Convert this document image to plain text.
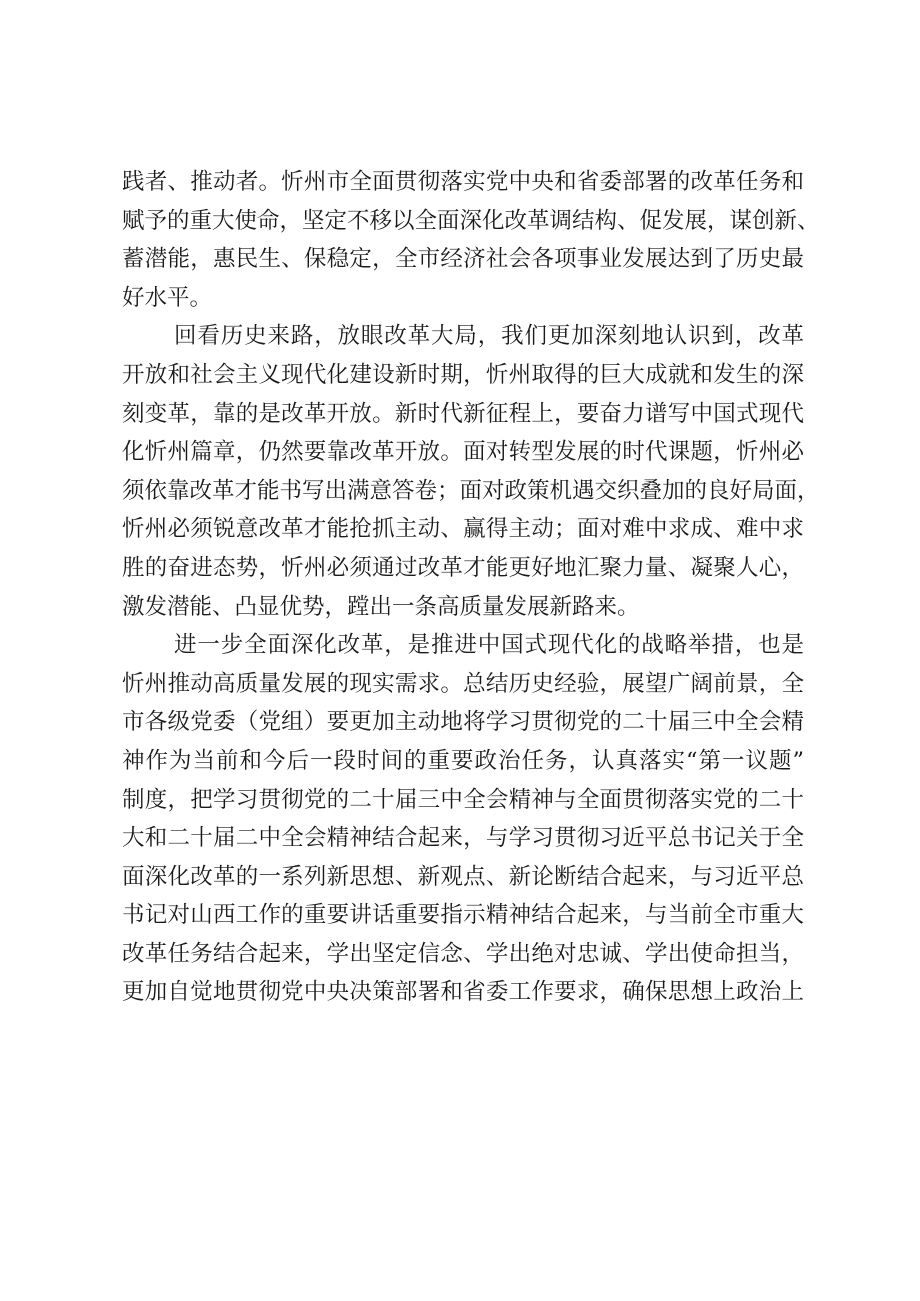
践者、推动者。忻州市全面贯彻落实党中央和省委部署的改革任务和
赋予的重大使命，坚定不移以全面深化改革调结构、促发展，谋创新、
蓄潜能，惠民生、保稳定，全市经济社会各项事业发展达到了历史最
好水平。
回看历史来路，放眼改革大局，我们更加深刻地认识到，改革
开放和社会主义现代化建设新时期，忻州取得的巨大成就和发生的深
刻变革，靠的是改革开放。新时代新征程上，要奋力谱写中国式现代
化忻州篇章，仍然要靠改革开放。面对转型发展的时代课题，忻州必
须依靠改革才能书写出满意答卷；面对政策机遇交织叠加的良好局面，
忻州必须锐意改革才能抢抓主动、赢得主动；面对难中求成、难中求
胜的奋进态势，忻州必须通过改革才能更好地汇聚力量、凝聚人心，
激发潜能、凸显优势，蹚出一条高质量发展新路来。
进一步全面深化改革，是推进中国式现代化的战略举措，也是
忻州推动高质量发展的现实需求。总结历史经验，展望广阔前景，全
市各级党委（党组）要更加主动地将学习贯彻党的二十届三中全会精
神作为当前和今后一段时间的重要政治任务，认真落实“第一议题”
制度，把学习贯彻党的二十届三中全会精神与全面贯彻落实党的二十
大和二十届二中全会精神结合起来，与学习贯彻习近平总书记关于全
面深化改革的一系列新思想、新观点、新论断结合起来，与习近平总
书记对山西工作的重要讲话重要指示精神结合起来，与当前全市重大
改革任务结合起来，学出坚定信念、学出绝对忠诚、学出使命担当，
更加自觉地贯彻党中央决策部署和省委工作要求，确保思想上政治上
